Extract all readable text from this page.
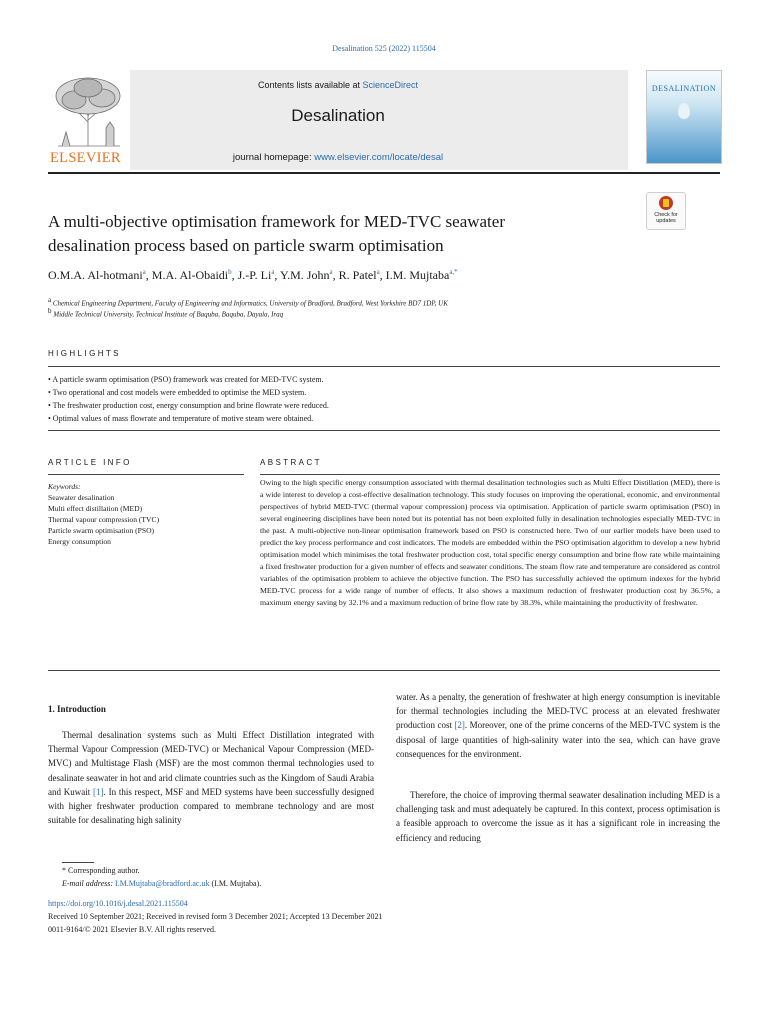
Desalination 525 (2022) 115504
Contents lists available at ScienceDirect
Desalination
journal homepage: www.elsevier.com/locate/desal
ELSEVIER
DESALINATION
Check for updates
A multi-objective optimisation framework for MED-TVC seawater
desalination process based on particle swarm optimisation
O.M.A. Al-hotmani$^a$, M.A. Al-Obaidi$^b$, J.-P. Li$^a$, Y.M. John$^a$, R. Patel$^a$, I.M. Mujtaba$^{a,*}$
$^a$ Chemical Engineering Department, Faculty of Engineering and Informatics, University of Bradford, Bradford, West Yorkshire BD7 1DP, UK
$^b$ Middle Technical University, Technical Institute of Baquba, Baquba, Dayala, Iraq
HIGHLIGHTS
• A particle swarm optimisation (PSO) framework was created for MED-TVC system.
• Two operational and cost models were embedded to optimise the MED system.
• The freshwater production cost, energy consumption and brine flowrate were reduced.
• Optimal values of mass flowrate and temperature of motive steam were obtained.
ARTICLE INFO	ABSTRACT
Keywords:
Seawater desalination
Multi effect distillation (MED)
Thermal vapour compression (TVC)
Particle swarm optimisation (PSO)
Energy consumption
Owing to the high specific energy consumption associated with thermal desalination technologies such as Multi Effect Distillation (MED), there is a wide interest to develop a cost-effective desalination technology. This study focuses on improving the operational, economic, and environmental perspectives of hybrid MED-TVC (thermal vapour compression) process via optimisation. Application of particle swarm optimisation (PSO) in several engineering disciplines have been noted but its potential has not been exploited fully in desalination technologies especially MED-TVC in the past. A multi-objective non-linear optimisation framework based on PSO is constructed here. Two of our earlier models have been used to predict the key process performance and cost indicators. The models are embedded within the PSO optimisation algorithm to develop a new hybrid optimisation model which minimises the total freshwater production cost, total specific energy consumption and brine flow rate while maintaining a fixed freshwater production for a given number of effects and seawater conditions. The steam flow rate and temperature are considered as control variables of the optimisation problem to achieve the objective function. The PSO has successfully achieved the optimum indexes for the hybrid MED-TVC process for a wide range of number of effects. It also shows a maximum reduction of freshwater production cost by 36.5%, a maximum energy saving by 32.1% and a maximum reduction of brine flow rate by 38.3%, while maintaining the productivity of freshwater.
1. Introduction
Thermal desalination systems such as Multi Effect Distillation integrated with Thermal Vapour Compression (MED-TVC) or Mechanical Vapour Compression (MED-MVC) and Multistage Flash (MSF) are the most common thermal technologies used to desalinate seawater in hot and arid climate countries such as the Kingdom of Saudi Arabia and Kuwait [1]. In this respect, MSF and MED systems have been successfully designed with higher freshwater production compared to membrane technology and are most suitable for desalinating high salinity
water. As a penalty, the generation of freshwater at high energy consumption is inevitable for thermal technologies including the MED-TVC process at an elevated freshwater production cost [2]. Moreover, one of the prime concerns of the MED-TVC system is the disposal of large quantities of high-salinity water into the sea, which can have grave consequences for the environment.
Therefore, the choice of improving thermal seawater desalination including MED is a challenging task and must adequately be captured. In this context, process optimisation is a feasible approach to overcome the issue as it has a significant role in increasing the efficiency and reducing
* Corresponding author.
E-mail address: I.M.Mujtaba@bradford.ac.uk (I.M. Mujtaba).
https://doi.org/10.1016/j.desal.2021.115504
Received 10 September 2021; Received in revised form 3 December 2021; Accepted 13 December 2021
0011-9164/© 2021 Elsevier B.V. All rights reserved.
